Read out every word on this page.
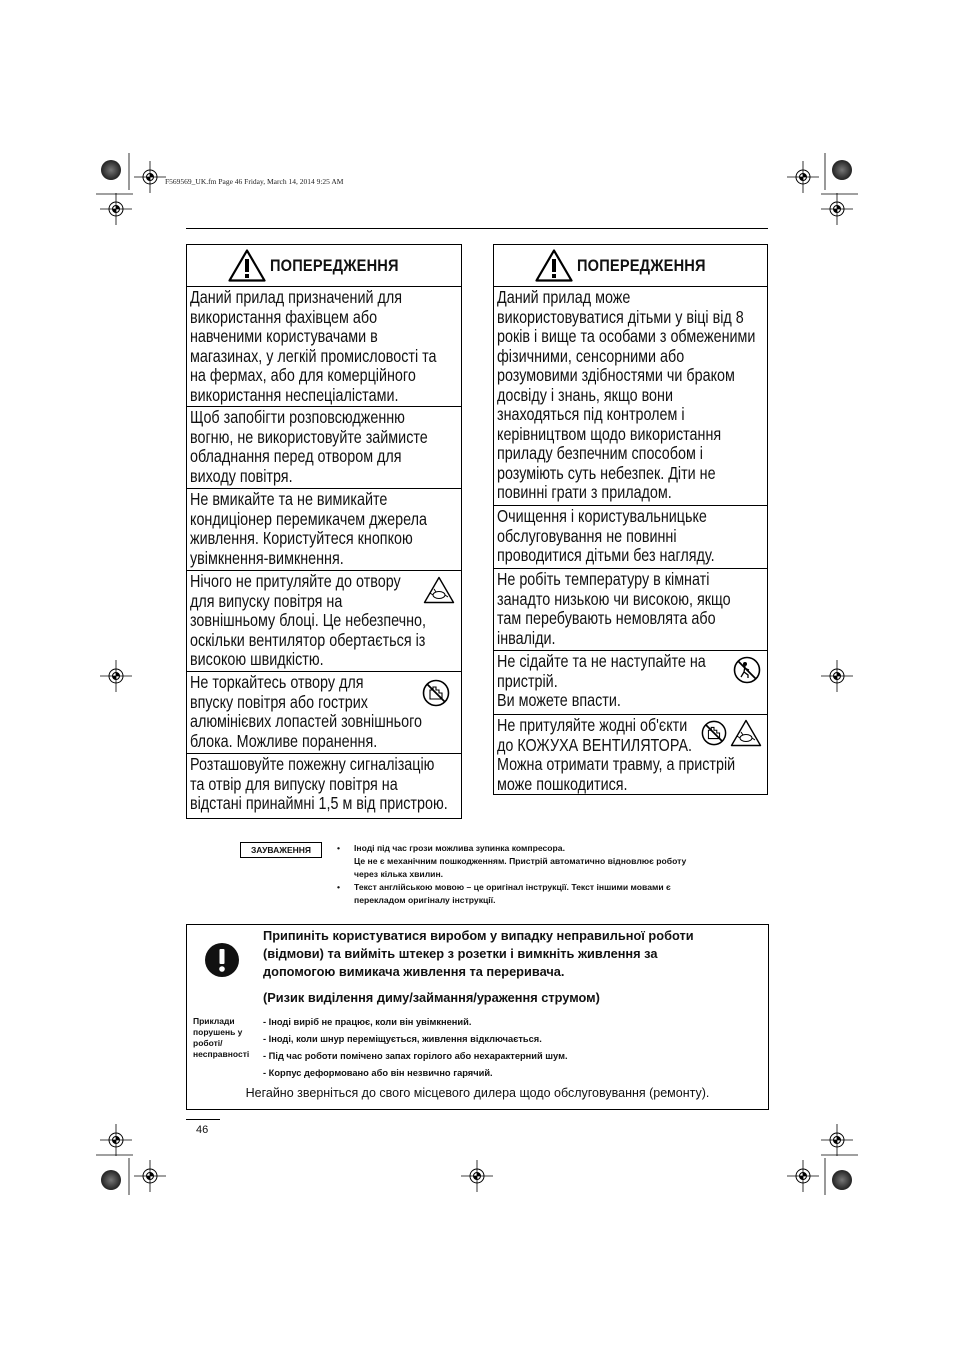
F569569_UK.fm Page 46 Friday, March 14, 2014 9:25 AM
ПОПЕРЕДЖЕННЯ
Даний прилад призначений для
використання фахівцем або
навченими користувачами в
магазинах, у легкій промисловості та
на фермах, або для комерційного
використання неспеціалістами.
Щоб запобігти розповсюдженню
вогню, не використовуйте займисте
обладнання перед отвором для
виходу повітря.
Не вмикайте та не вимикайте
кондиціонер перемикачем джерела
живлення. Користуйтеся кнопкою
увімкнення-вимкнення.
Нічого не притуляйте до отвору
для випуску повітря на
зовнішньому блоці. Це небезпечно,
оскільки вентилятор обертається із
високою швидкістю.
Не торкайтесь отвору для
впуску повітря або гострих
алюмінієвих лопастей зовнішнього
блока. Можливе поранення.
Розташовуйте пожежну сигналізацію
та отвір для випуску повітря на
відстані принаймні 1,5 м від пристрою.
ПОПЕРЕДЖЕННЯ
Даний прилад може
використовуватися дітьми у віці від 8
років і вище та особами з обмеженими
фізичними, сенсорними або
розумовими здібностями чи браком
досвіду і знань, якщо вони
знаходяться під контролем і
керівництвом щодо використання
приладу безпечним способом і
розуміють суть небезпек. Діти не
повинні грати з приладом.
Очищення і користувальницьке
обслуговування не повинні
проводитися дітьми без нагляду.
Не робіть температуру в кімнаті
занадто низькою чи високою, якщо
там перебувають немовлята або
інваліди.
Не сідайте та не наступайте на
пристрій.
Ви можете впасти.
Не притуляйте жодні об'єкти
до КОЖУХА ВЕНТИЛЯТОРА.
Можна отримати травму, а пристрій
може пошкодитися.
ЗАУВАЖЕННЯ	•	Іноді під час грози можлива зупинка компресора.
Це не є механічним пошкодженням. Пристрій автоматично відновлює роботу
через кілька хвилин.
•	Текст англійською мовою – це оригінал інструкції. Текст іншими мовами є
перекладом оригіналу інструкції.
Припиніть користуватися виробом у випадку неправильної роботи
(відмови) та вийміть штекер з розетки і вимкніть живлення за
допомогою вимикача живлення та переривача.
(Ризик виділення диму/займання/ураження струмом)
Приклади
порушень у
роботі/
несправності
- Іноді виріб не працює, коли він увімкнений.
- Іноді, коли шнур переміщується, живлення відключається.
- Під час роботи помічено запах горілого або нехарактерний шум.
- Корпус деформовано або він незвично гарячий.
Негайно зверніться до свого місцевого дилера щодо обслуговування (ремонту).
46
